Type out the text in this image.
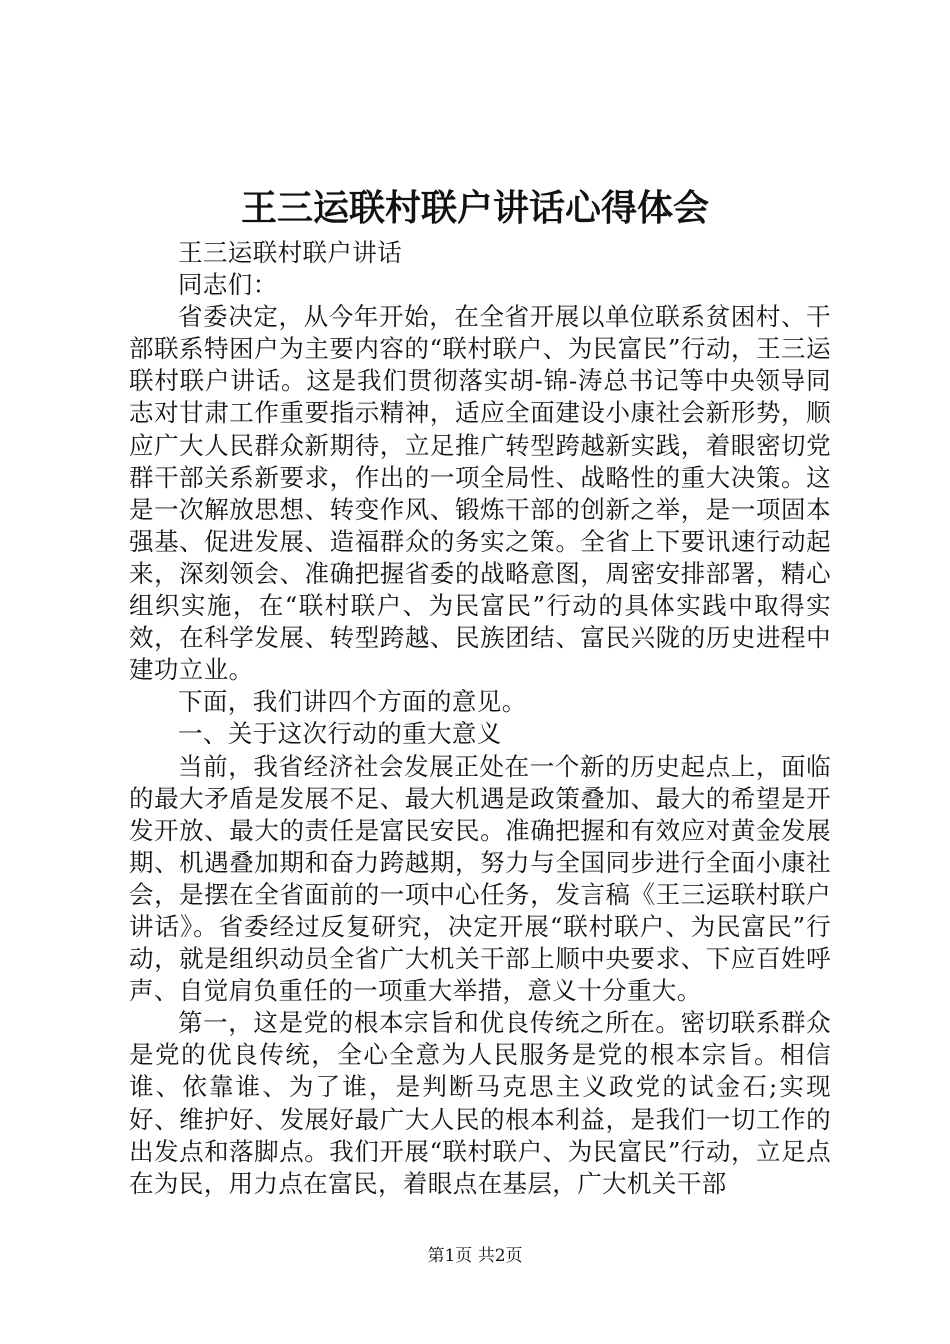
王三运联村联户讲话心得体会

王三运联村联户讲话

同志们：

省委决定，从今年开始，在全省开展以单位联系贫困村、干部联系特困户为主要内容的“联村联户、为民富民”行动，王三运联村联户讲话。这是我们贯彻落实胡-锦-涛总书记等中央领导同志对甘肃工作重要指示精神，适应全面建设小康社会新形势，顺应广大人民群众新期待，立足推广转型跨越新实践，着眼密切党群干部关系新要求，作出的一项全局性、战略性的重大决策。这是一次解放思想、转变作风、锻炼干部的创新之举，是一项固本强基、促进发展、造福群众的务实之策。全省上下要讯速行动起来，深刻领会、准确把握省委的战略意图，周密安排部署，精心组织实施，在“联村联户、为民富民”行动的具体实践中取得实效，在科学发展、转型跨越、民族团结、富民兴陇的历史进程中建功立业。

下面，我们讲四个方面的意见。

一、关于这次行动的重大意义

当前，我省经济社会发展正处在一个新的历史起点上，面临的最大矛盾是发展不足、最大机遇是政策叠加、最大的希望是开发开放、最大的责任是富民安民。准确把握和有效应对黄金发展期、机遇叠加期和奋力跨越期，努力与全国同步进行全面小康社会，是摆在全省面前的一项中心任务，发言稿《王三运联村联户讲话》。省委经过反复研究，决定开展“联村联户、为民富民”行动，就是组织动员全省广大机关干部上顺中央要求、下应百姓呼声、自觉肩负重任的一项重大举措，意义十分重大。

第一，这是党的根本宗旨和优良传统之所在。密切联系群众是党的优良传统，全心全意为人民服务是党的根本宗旨。相信谁、依靠谁、为了谁，是判断马克思主义政党的试金石;实现好、维护好、发展好最广大人民的根本利益，是我们一切工作的出发点和落脚点。我们开展“联村联户、为民富民”行动，立足点在为民，用力点在富民，着眼点在基层，广大机关干部

第1页 共2页
